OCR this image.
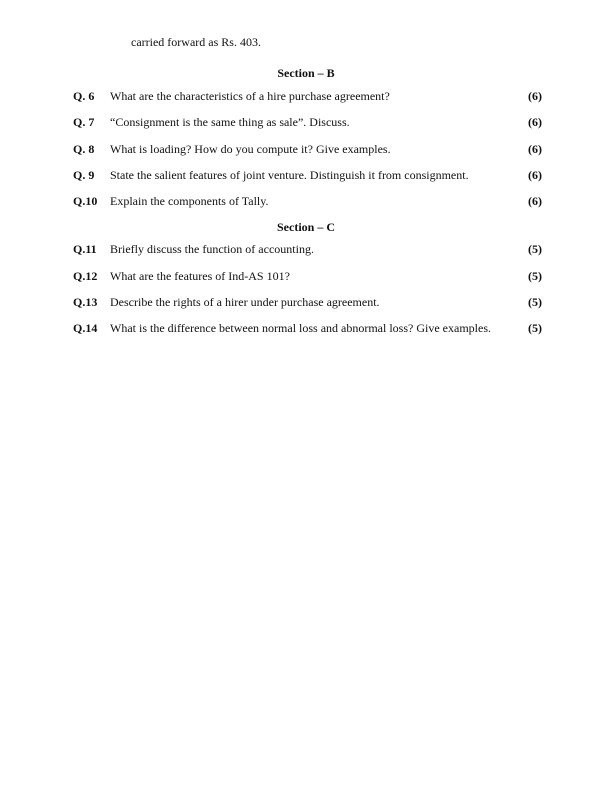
carried forward as Rs. 403.
Section – B
Q. 6 What are the characteristics of a hire purchase agreement?	(6)
Q. 7 “Consignment is the same thing as sale”. Discuss.	(6)
Q. 8 What is loading? How do you compute it? Give examples.	(6)
Q. 9 State the salient features of joint venture. Distinguish it from consignment.	(6)
Q.10 Explain the components of Tally.	(6)
Section – C
Q.11 Briefly discuss the function of accounting.	(5)
Q.12 What are the features of Ind-AS 101?	(5)
Q.13 Describe the rights of a hirer under purchase agreement.	(5)
Q.14 What is the difference between normal loss and abnormal loss? Give examples.	(5)
